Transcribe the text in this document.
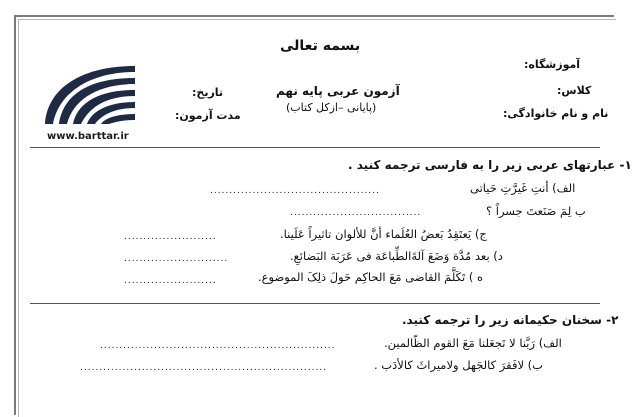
بسمه تعالی
آموزشگاه:
کلاس:
آزمون عربی پایه نهم
تاریخ:
نام و نام خانوادگی:
(پایانی –ازکل کتاب)
مدت آزمون:
www.barttar.ir
۱- عبارتهای عربی زیر را به فارسی ترجمه کنید .
الف) أنتِ غَیرَّتِ حَیاتی
............................................
ب لِمَ صَنَعتَ جسراً ؟
..................................
ج) یَعتَقِدُ بَعضُ العُلَماء أنَّ للألوان تاثیراً عَلَینا.
........................
د) بعد مُدَّة وَضَعَ آلةَالطِّباعَة فی عَرَبَة البَضائعِ.
...........................
ه ) تَکَلَّمَ القاضی مَعَ الحاکِم حَولَ ذلِکَ الموضوع.
........................
۲- سخنان حکیمانه زیر را ترجمه کنید.
الف) رَبَّنا لا تَجعَلنا مَعَ القوم الظّالمین.
.............................................................
ب) لافَقرَ کالجَهل ولامیراثَ کالأدَب .
................................................................
